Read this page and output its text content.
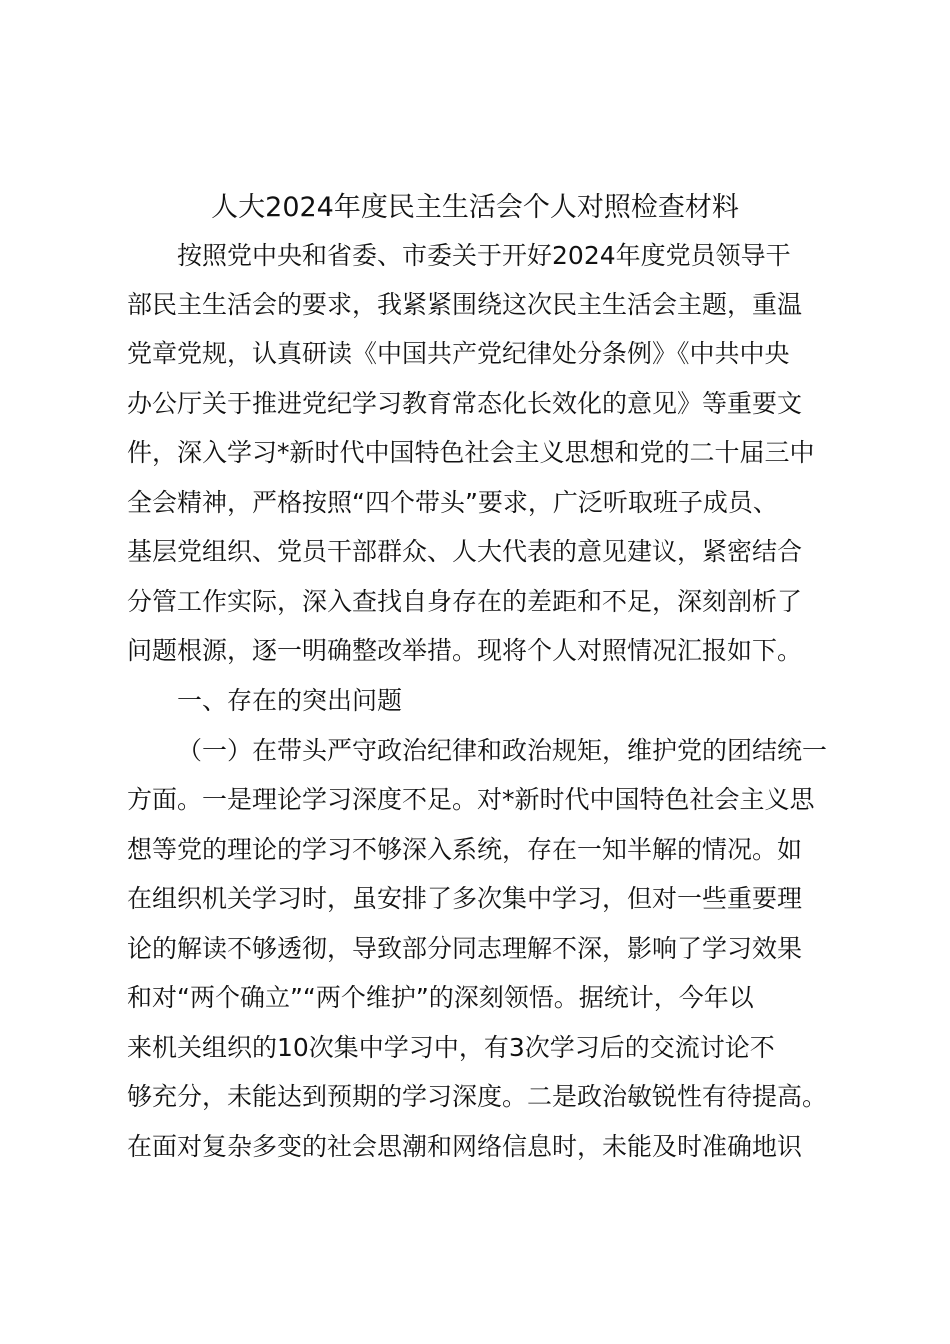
人大2024年度民主生活会个人对照检查材料
按照党中央和省委、市委关于开好2024年度党员领导干
部民主生活会的要求，我紧紧围绕这次民主生活会主题，重温
党章党规，认真研读《中国共产党纪律处分条例》《中共中央
办公厅关于推进党纪学习教育常态化长效化的意见》等重要文
件，深入学习*新时代中国特色社会主义思想和党的二十届三中
全会精神，严格按照“四个带头”要求，广泛听取班子成员、
基层党组织、党员干部群众、人大代表的意见建议，紧密结合
分管工作实际，深入查找自身存在的差距和不足，深刻剖析了
问题根源，逐一明确整改举措。现将个人对照情况汇报如下。
一、存在的突出问题
（一）在带头严守政治纪律和政治规矩，维护党的团结统一
方面。一是理论学习深度不足。对*新时代中国特色社会主义思
想等党的理论的学习不够深入系统，存在一知半解的情况。如
在组织机关学习时，虽安排了多次集中学习，但对一些重要理
论的解读不够透彻，导致部分同志理解不深，影响了学习效果
和对“两个确立”“两个维护”的深刻领悟。据统计，今年以
来机关组织的10次集中学习中，有3次学习后的交流讨论不
够充分，未能达到预期的学习深度。二是政治敏锐性有待提高。
在面对复杂多变的社会思潮和网络信息时，未能及时准确地识
